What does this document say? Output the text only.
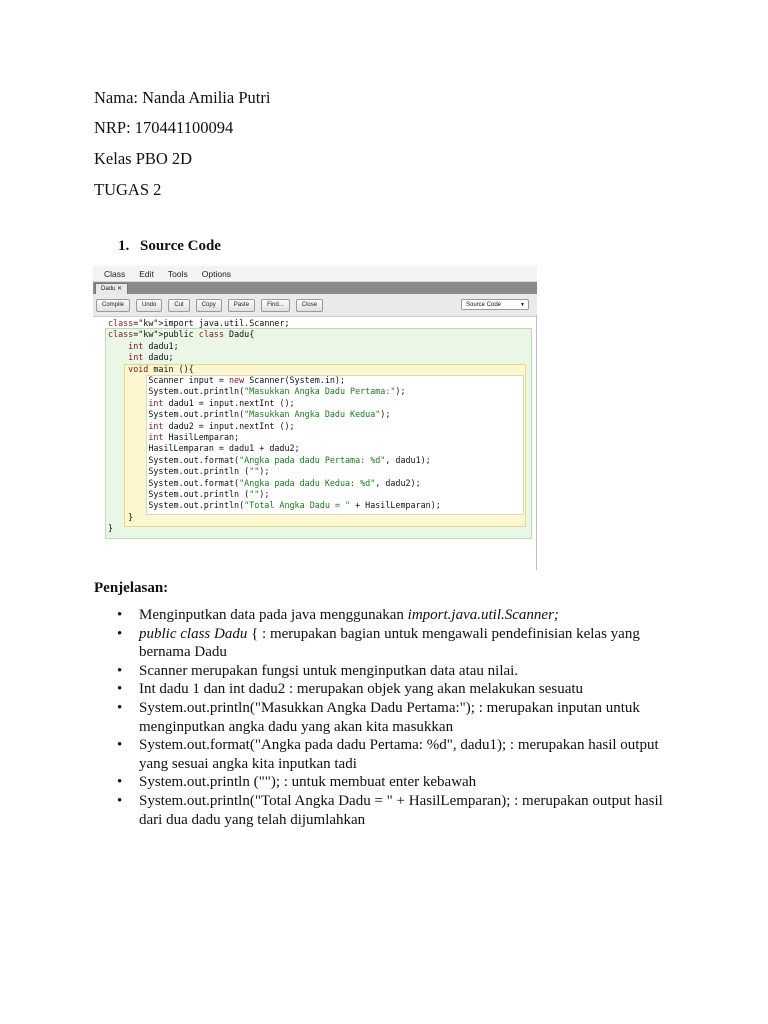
Nama: Nanda Amilia Putri
NRP: 170441100094
Kelas PBO 2D
TUGAS 2
1. Source Code
Class Edit Tools Options
Dadu ✕
Compile	Undo	Cut	Copy	Paste	Find...	Close	Source Code	▼
class="kw">import java.util.Scanner;
class="kw">public class Dadu{
int dadu1;
int dadu;
void main (){
Scanner input = new Scanner(System.in);
System.out.println("Masukkan Angka Dadu Pertama:");
int dadu1 = input.nextInt ();
System.out.println("Masukkan Angka Dadu Kedua");
int dadu2 = input.nextInt ();
int HasilLemparan;
HasilLemparan = dadu1 + dadu2;
System.out.format("Angka pada dadu Pertama: %d", dadu1);
System.out.println ("");
System.out.format("Angka pada dadu Kedua: %d", dadu2);
System.out.println ("");
System.out.println("Total Angka Dadu = " + HasilLemparan);
}
}
Penjelasan:
• Menginputkan data pada java menggunakan import.java.util.Scanner;
• public class Dadu { : merupakan bagian untuk mengawali pendefinisian kelas yang bernama Dadu
• Scanner merupakan fungsi untuk menginputkan data atau nilai.
• Int dadu 1 dan int dadu2 : merupakan objek yang akan melakukan sesuatu
• System.out.println("Masukkan Angka Dadu Pertama:"); : merupakan inputan untuk menginputkan angka dadu yang akan kita masukkan
• System.out.format("Angka pada dadu Pertama: %d", dadu1); : merupakan hasil output yang sesuai angka kita inputkan tadi
• System.out.println (""); : untuk membuat enter kebawah
• System.out.println("Total Angka Dadu = " + HasilLemparan); : merupakan output hasil dari dua dadu yang telah dijumlahkan
